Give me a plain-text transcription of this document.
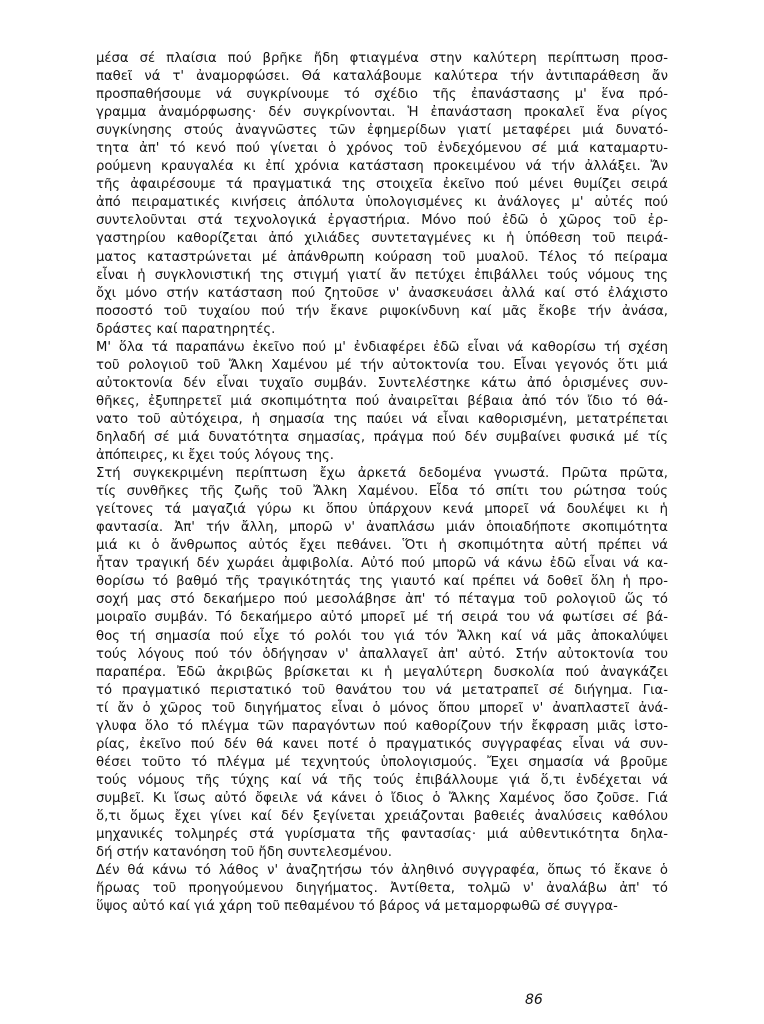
μέσα σέ πλαίσια πού βρῆκε ἤδη φτιαγμένα στην καλύτερη περίπτωση προσ-
παθεῖ νά τ' ἀναμορφώσει. Θά καταλάβουμε καλύτερα τήν ἀντιπαράθεση ἄν
προσπαθήσουμε νά συγκρίνουμε τό σχέδιο τῆς ἐπανάστασης μ' ἕνα πρό-
γραμμα ἀναμόρφωσης· δέν συγκρίνονται. Ἡ ἐπανάσταση προκαλεῖ ἕνα ρίγος
συγκίνησης στούς ἀναγνῶστες τῶν ἐφημερίδων γιατί μεταφέρει μιά δυνατό-
τητα ἀπ' τό κενό πού γίνεται ὁ χρόνος τοῦ ἐνδεχόμενου σέ μιά καταμαρτυ-
ρούμενη κραυγαλέα κι ἐπί χρόνια κατάσταση προκειμένου νά τήν ἀλλάξει. Ἄν
τῆς ἀφαιρέσουμε τά πραγματικά της στοιχεῖα ἐκεῖνο πού μένει θυμίζει σειρά
ἀπό πειραματικές κινήσεις ἀπόλυτα ὑπολογισμένες κι ἀνάλογες μ' αὐτές πού
συντελοῦνται στά τεχνολογικά ἐργαστήρια. Μόνο πού ἐδῶ ὁ χῶρος τοῦ ἐρ-
γαστηρίου καθορίζεται ἀπό χιλιάδες συντεταγμένες κι ἡ ὑπόθεση τοῦ πειρά-
ματος καταστρώνεται μέ ἀπάνθρωπη κούραση τοῦ μυαλοῦ. Τέλος τό πείραμα
εἶναι ἡ συγκλονιστική της στιγμή γιατί ἄν πετύχει ἐπιβάλλει τούς νόμους της
ὄχι μόνο στήν κατάσταση πού ζητοῦσε ν' ἀνασκευάσει ἀλλά καί στό ἐλάχιστο
ποσοστό τοῦ τυχαίου πού τήν ἔκανε ριψοκίνδυνη καί μᾶς ἔκοβε τήν ἀνάσα,
δράστες καί παρατηρητές.
Μ' ὅλα τά παραπάνω ἐκεῖνο πού μ' ἐνδιαφέρει ἐδῶ εἶναι νά καθορίσω τή σχέση
τοῦ ρολογιοῦ τοῦ Ἄλκη Χαμένου μέ τήν αὐτοκτονία του. Εἶναι γεγονός ὅτι μιά
αὐτοκτονία δέν εἶναι τυχαῖο συμβάν. Συντελέστηκε κάτω ἀπό ὁρισμένες συν-
θῆκες, ἐξυπηρετεῖ μιά σκοπιμότητα πού ἀναιρεῖται βέβαια ἀπό τόν ἴδιο τό θά-
νατο τοῦ αὐτόχειρα, ἡ σημασία της παύει νά εἶναι καθορισμένη, μετατρέπεται
δηλαδή σέ μιά δυνατότητα σημασίας, πράγμα πού δέν συμβαίνει φυσικά μέ τίς
ἀπόπειρες, κι ἔχει τούς λόγους της.
Στή συγκεκριμένη περίπτωση ἔχω ἀρκετά δεδομένα γνωστά. Πρῶτα πρῶτα,
τίς συνθῆκες τῆς ζωῆς τοῦ Ἄλκη Χαμένου. Εἶδα τό σπίτι του ρώτησα τούς
γείτονες τά μαγαζιά γύρω κι ὅπου ὑπάρχουν κενά μπορεῖ νά δουλέψει κι ἡ
φαντασία. Ἀπ' τήν ἄλλη, μπορῶ ν' ἀναπλάσω μιάν ὁποιαδήποτε σκοπιμότητα
μιά κι ὁ ἄνθρωπος αὐτός ἔχει πεθάνει. Ὅτι ἡ σκοπιμότητα αὐτή πρέπει νά
ἦταν τραγική δέν χωράει ἀμφιβολία. Αὐτό πού μπορῶ νά κάνω ἐδῶ εἶναι νά κα-
θορίσω τό βαθμό τῆς τραγικότητάς της γιαυτό καί πρέπει νά δοθεῖ ὅλη ἡ προ-
σοχή μας στό δεκαήμερο πού μεσολάβησε ἀπ' τό πέταγμα τοῦ ρολογιοῦ ὥς τό
μοιραῖο συμβάν. Τό δεκαήμερο αὐτό μπορεῖ μέ τή σειρά του νά φωτίσει σέ βά-
θος τή σημασία πού εἶχε τό ρολόι του γιά τόν Ἄλκη καί νά μᾶς ἀποκαλύψει
τούς λόγους πού τόν ὁδήγησαν ν' ἀπαλλαγεῖ ἀπ' αὐτό. Στήν αὐτοκτονία του
παραπέρα. Ἐδῶ ἀκριβῶς βρίσκεται κι ἡ μεγαλύτερη δυσκολία πού ἀναγκάζει
τό πραγματικό περιστατικό τοῦ θανάτου του νά μετατραπεῖ σέ διήγημα. Για-
τί ἄν ὁ χῶρος τοῦ διηγήματος εἶναι ὁ μόνος ὅπου μπορεῖ ν' ἀναπλαστεῖ ἀνά-
γλυφα ὅλο τό πλέγμα τῶν παραγόντων πού καθορίζουν τήν ἔκφραση μιᾶς ἱστο-
ρίας, ἐκεῖνο πού δέν θά κανει ποτέ ὁ πραγματικός συγγραφέας εἶναι νά συν-
θέσει τοῦτο τό πλέγμα μέ τεχνητούς ὑπολογισμούς. Ἔχει σημασία νά βροῦμε
τούς νόμους τῆς τύχης καί νά τῆς τούς ἐπιβάλλουμε γιά ὅ,τι ἐνδέχεται νά
συμβεῖ. Κι ἴσως αὐτό ὄφειλε νά κάνει ὁ ἴδιος ὁ Ἄλκης Χαμένος ὅσο ζοῦσε. Γιά
ὅ,τι ὅμως ἔχει γίνει καί δέν ξεγίνεται χρειάζονται βαθειές ἀναλύσεις καθόλου
μηχανικές τολμηρές στά γυρίσματα τῆς φαντασίας· μιά αὐθεντικότητα δηλα-
δή στήν κατανόηση τοῦ ἤδη συντελεσμένου.
Δέν θά κάνω τό λάθος ν' ἀναζητήσω τόν ἀληθινό συγγραφέα, ὅπως τό ἔκανε ὁ
ἥρωας τοῦ προηγούμενου διηγήματος. Ἀντίθετα, τολμῶ ν' ἀναλάβω ἀπ' τό
ὕψος αὐτό καί γιά χάρη τοῦ πεθαμένου τό βάρος νά μεταμορφωθῶ σέ συγγρα-
86
